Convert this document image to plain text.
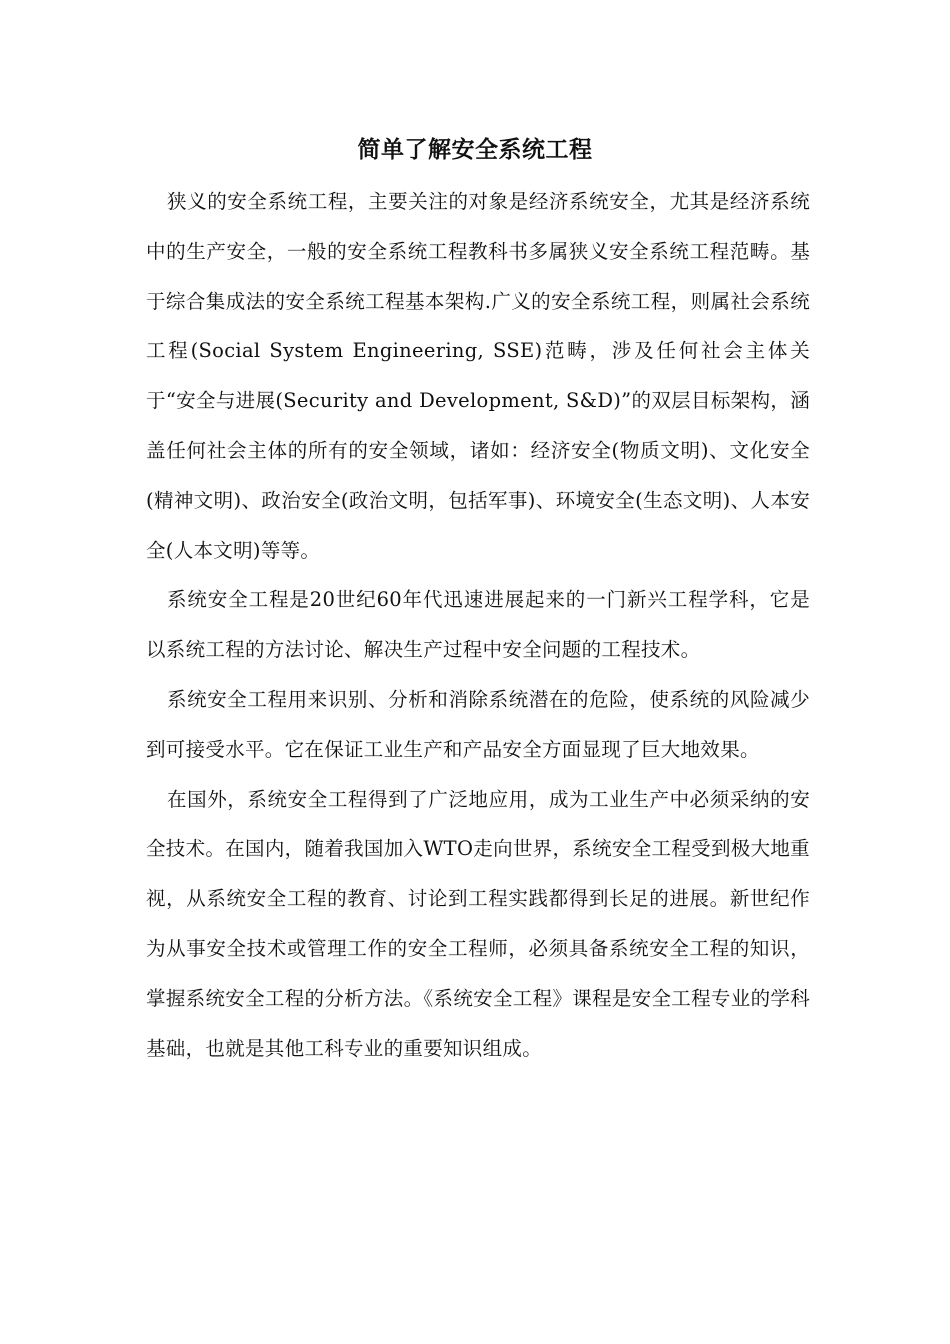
简单了解安全系统工程

狭义的安全系统工程，主要关注的对象是经济系统安全，尤其是经济系统中的生产安全，一般的安全系统工程教科书多属狭义安全系统工程范畴。基于综合集成法的安全系统工程基本架构.广义的安全系统工程，则属社会系统工程(Social System Engineering, SSE)范畴，涉及任何社会主体关于“安全与进展(Security and Development, S&D)”的双层目标架构，涵盖任何社会主体的所有的安全领域，诸如：经济安全(物质文明)、文化安全(精神文明)、政治安全(政治文明，包括军事)、环境安全(生态文明)、人本安全(人本文明)等等。

系统安全工程是20世纪60年代迅速进展起来的一门新兴工程学科，它是以系统工程的方法讨论、解决生产过程中安全问题的工程技术。

系统安全工程用来识别、分析和消除系统潜在的危险，使系统的风险减少到可接受水平。它在保证工业生产和产品安全方面显现了巨大地效果。

在国外，系统安全工程得到了广泛地应用，成为工业生产中必须采纳的安全技术。在国内，随着我国加入WTO走向世界，系统安全工程受到极大地重视，从系统安全工程的教育、讨论到工程实践都得到长足的进展。新世纪作为从事安全技术或管理工作的安全工程师，必须具备系统安全工程的知识，掌握系统安全工程的分析方法。《系统安全工程》课程是安全工程专业的学科基础，也就是其他工科专业的重要知识组成。
